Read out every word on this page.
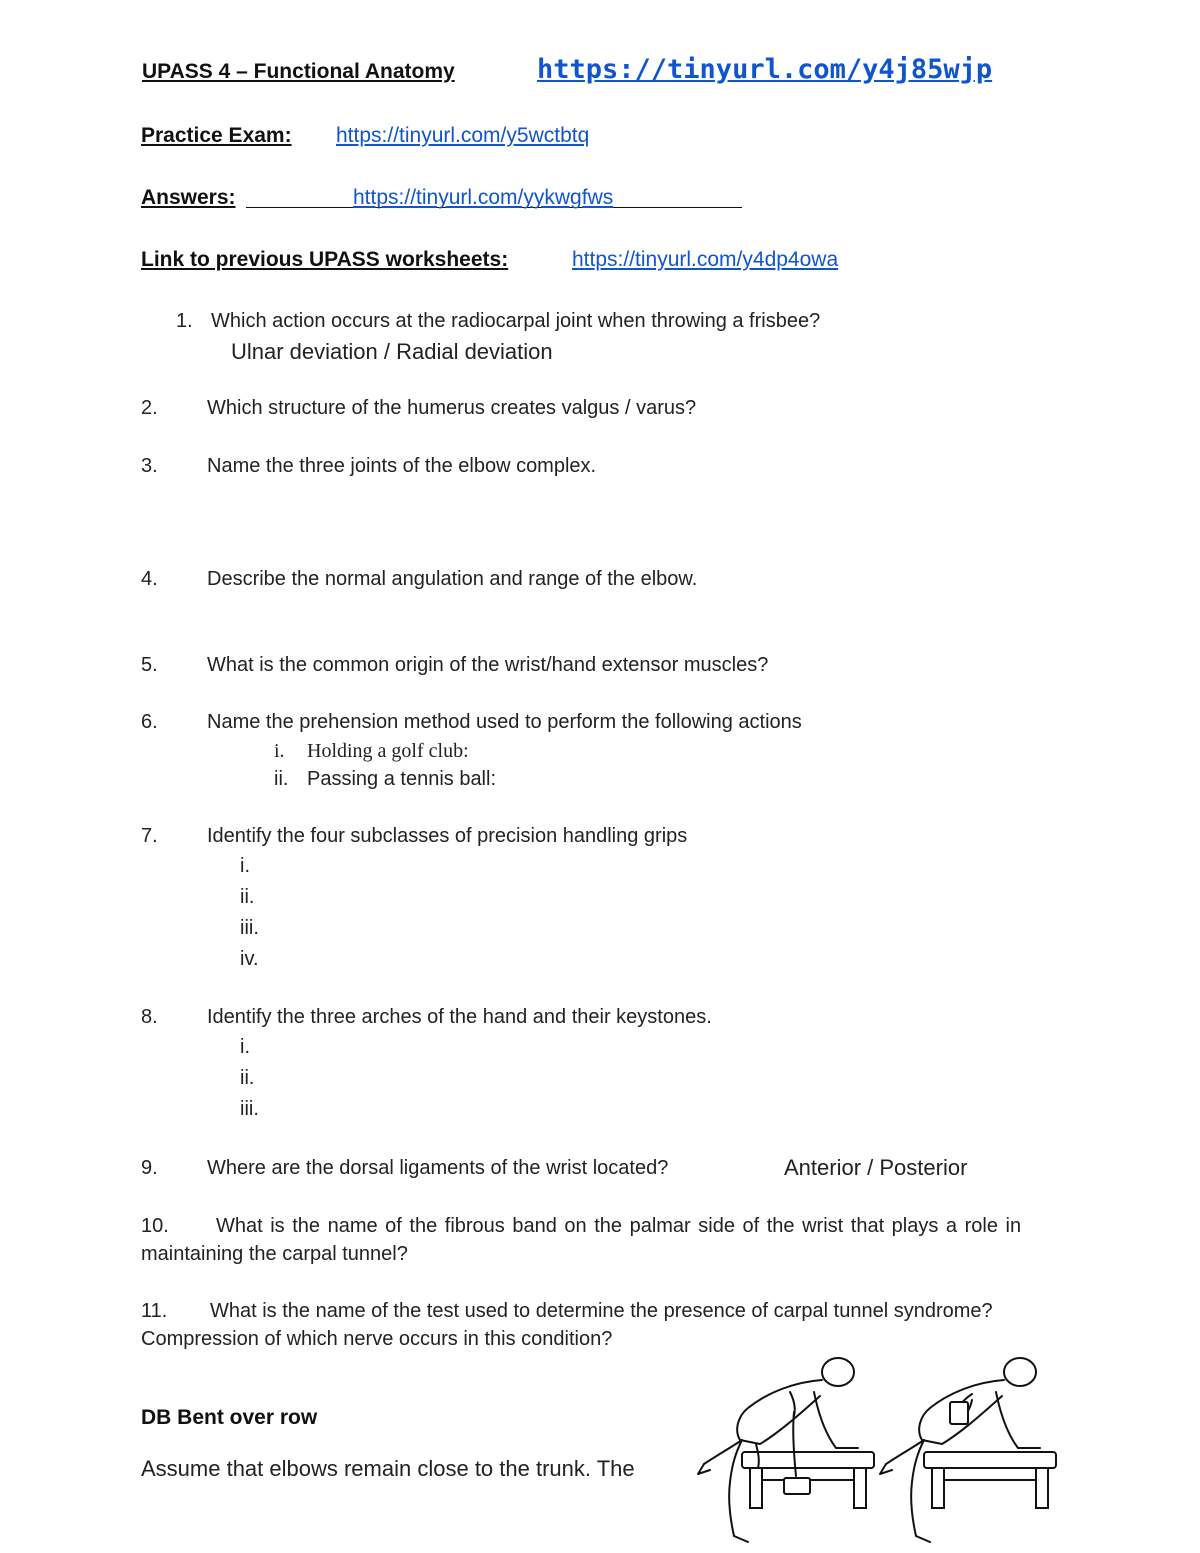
UPASS 4 – Functional Anatomy	https://tinyurl.com/y4j85wjp
Practice Exam: https://tinyurl.com/y5wctbtq
Answers:	https://tinyurl.com/yykwgfws
Link to previous UPASS worksheets:	https://tinyurl.com/y4dp4owa
1. Which action occurs at the radiocarpal joint when throwing a frisbee?
Ulnar deviation / Radial deviation
2. Which structure of the humerus creates valgus / varus?
3. Name the three joints of the elbow complex.
4. Describe the normal angulation and range of the elbow.
5. What is the common origin of the wrist/hand extensor muscles?
6. Name the prehension method used to perform the following actions
i. Holding a golf club:
ii. Passing a tennis ball:
7. Identify the four subclasses of precision handling grips
i.
ii.
iii.
iv.
8. Identify the three arches of the hand and their keystones.
i.
ii.
iii.
9. Where are the dorsal ligaments of the wrist located?	Anterior / Posterior
10. What is the name of the fibrous band on the palmar side of the wrist that plays a role in
maintaining the carpal tunnel?
11. What is the name of the test used to determine the presence of carpal tunnel syndrome?
Compression of which nerve occurs in this condition?
DB Bent over row
Assume that elbows remain close to the trunk. The
